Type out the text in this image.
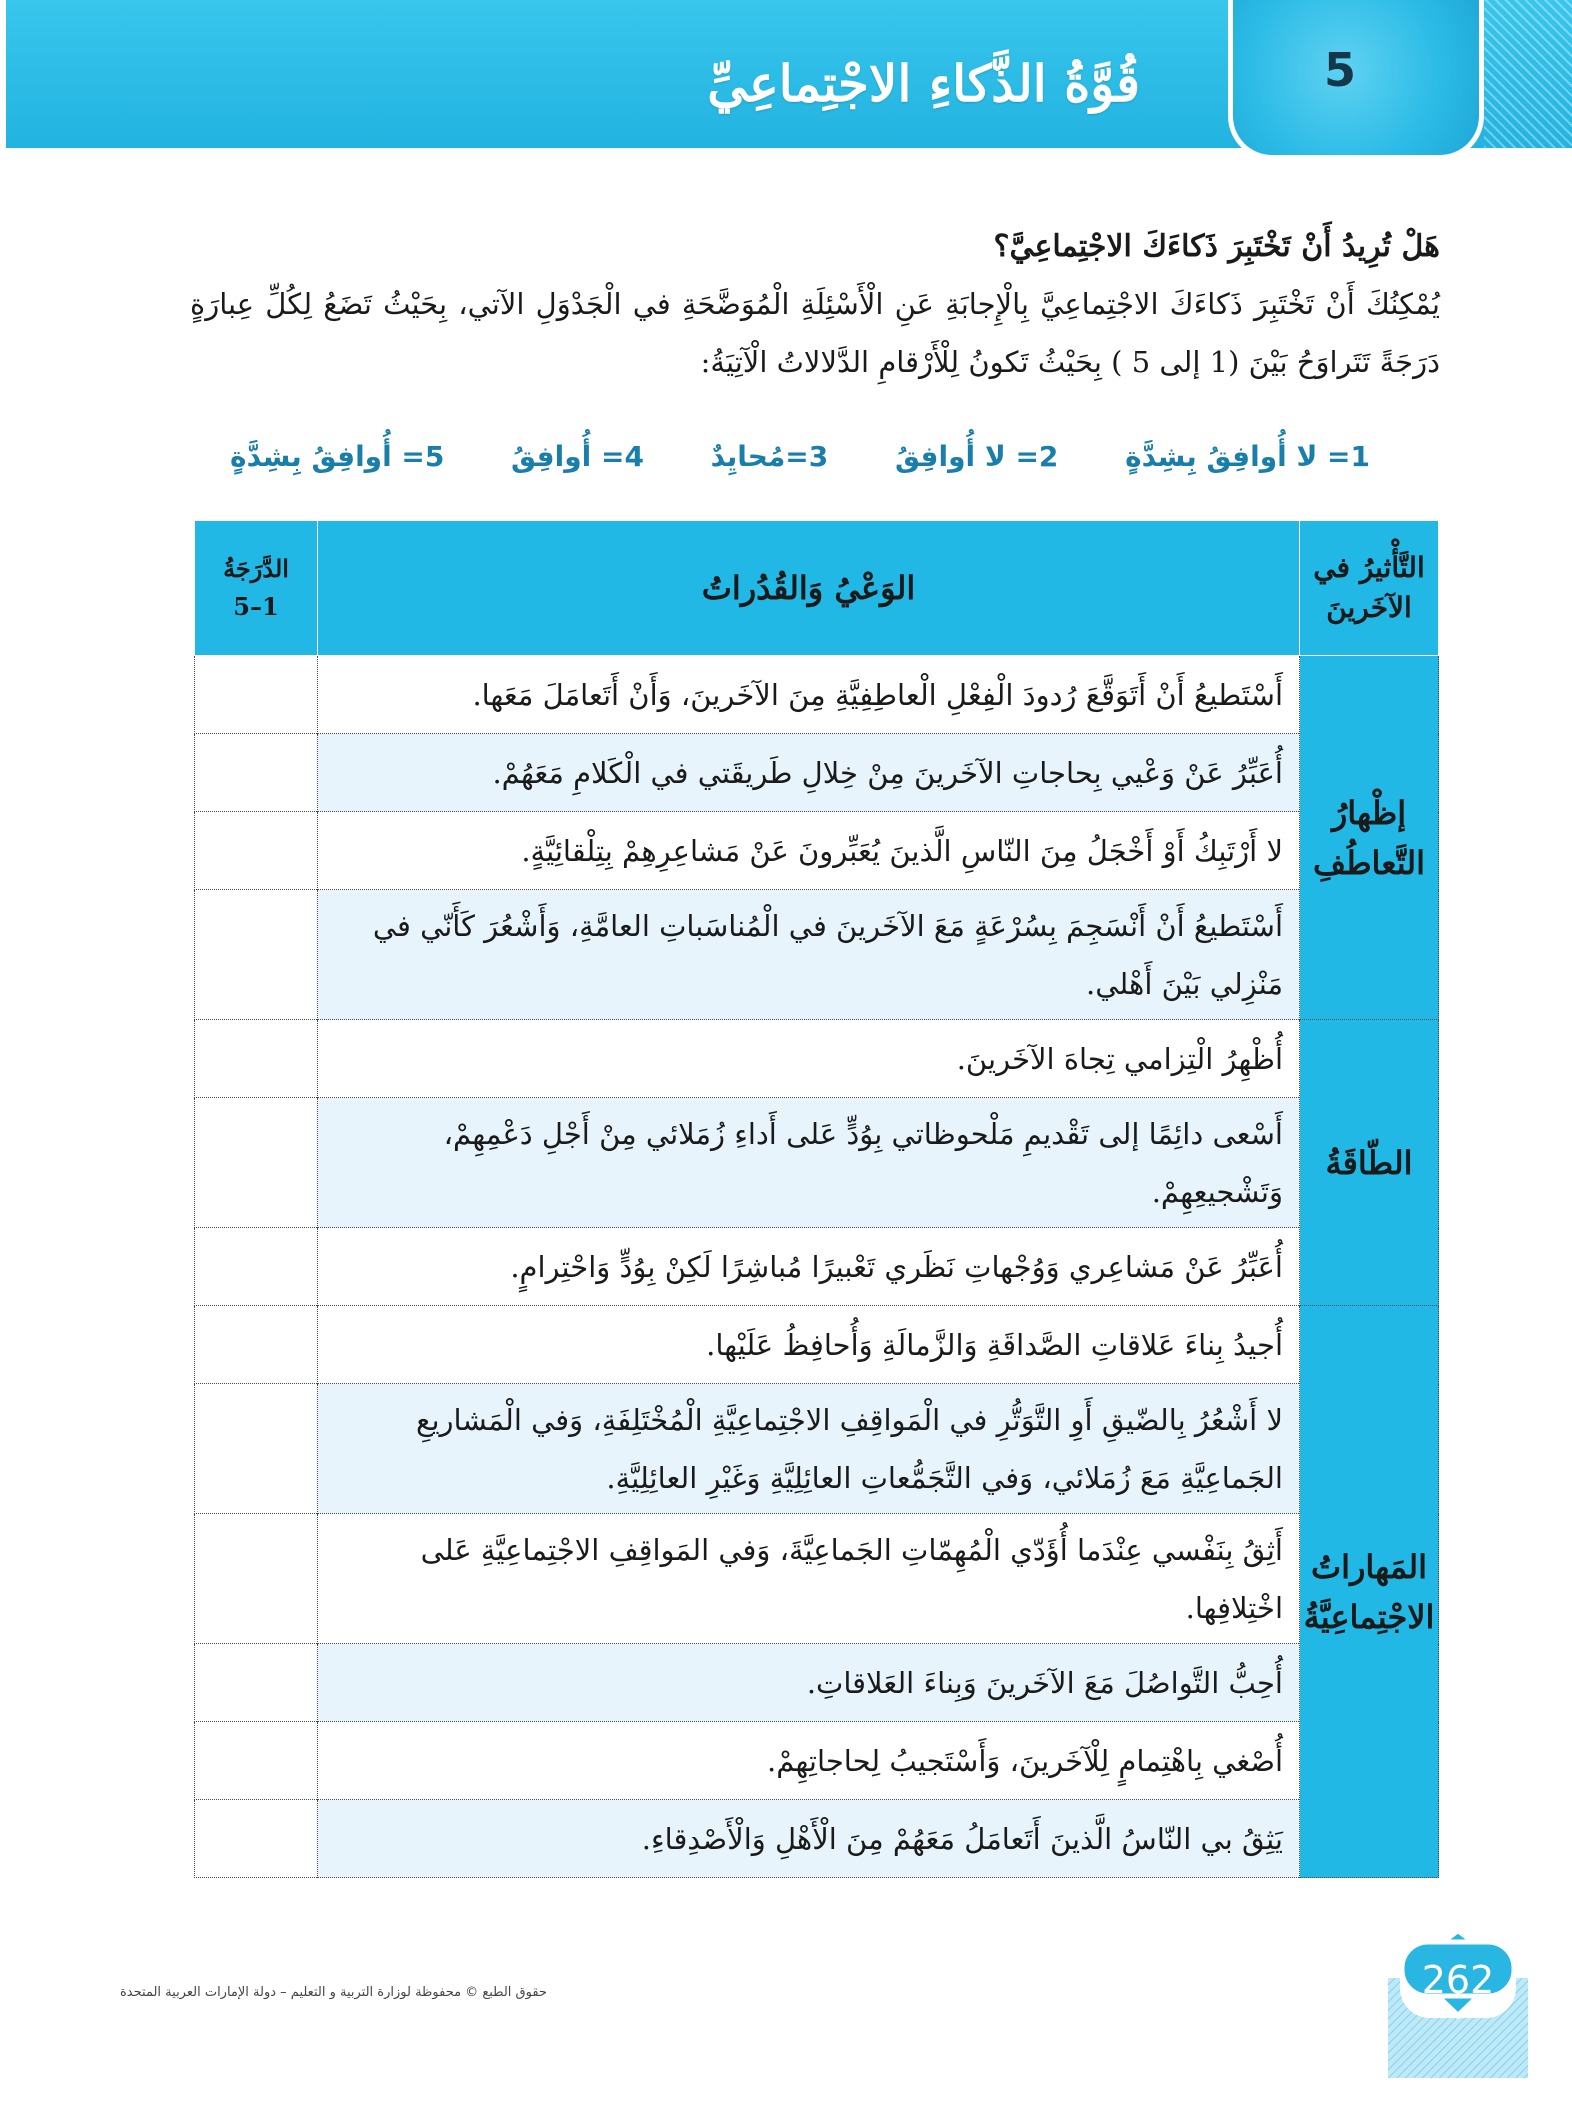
5
قُوَّةُ الذَّكاءِ الاجْتِماعِيِّ
هَلْ تُرِيدُ أَنْ تَخْتَبِرَ ذَكاءَكَ الاجْتِماعِيَّ؟
يُمْكِنُكَ أَنْ تَخْتَبِرَ ذَكاءَكَ الاجْتِماعِيَّ بِالْإِجابَةِ عَنِ الْأَسْئِلَةِ الْمُوَضَّحَةِ في الْجَدْوَلِ الآتي، بِحَيْثُ تَضَعُ لِكُلِّ عِبارَةٍ دَرَجَةً تَتَراوَحُ بَيْنَ (1 إلى 5 ) بِحَيْثُ تَكونُ لِلْأَرْقامِ الدَّلالاتُ الْآتِيَةُ:
1= لا أُوافِقُ بِشِدَّةٍ
2= لا أُوافِقُ
3=مُحايِدٌ
4= أُوافِقُ
5= أُوافِقُ بِشِدَّةٍ
التَّأْثيرُ في الآخَرينَ	الوَعْيُ وَالقُدُراتُ	الدَّرَجَةُ
5–1

إظْهارُ التَّعاطُفِ	أَسْتَطيعُ أَنْ أَتَوَقَّعَ رُدودَ الْفِعْلِ الْعاطِفِيَّةِ مِنَ الآخَرينَ، وَأَنْ أَتَعامَلَ مَعَها.	
	أُعَبِّرُ عَنْ وَعْيي بِحاجاتِ الآخَرينَ مِنْ خِلالِ طَريقَتي في الْكَلامِ مَعَهُمْ.	
	لا أَرْتَبِكُ أَوْ أَخْجَلُ مِنَ النّاسِ الَّذينَ يُعَبِّرونَ عَنْ مَشاعِرِهِمْ بِتِلْقائِيَّةٍ.	
	أَسْتَطيعُ أَنْ أَنْسَجِمَ بِسُرْعَةٍ مَعَ الآخَرينَ في الْمُناسَباتِ العامَّةِ، وَأَشْعُرَ كَأَنّي في مَنْزِلي بَيْنَ أَهْلي.	
الطّاقَةُ	أُظْهِرُ الْتِزامي تِجاهَ الآخَرينَ.	
	أَسْعى دائِمًا إلى تَقْديمِ مَلْحوظاتي بِوُدٍّ عَلى أَداءِ زُمَلائي مِنْ أَجْلِ دَعْمِهِمْ، وَتَشْجيعِهِمْ.	
	أُعَبِّرُ عَنْ مَشاعِري وَوُجْهاتِ نَظَري تَعْبيرًا مُباشِرًا لَكِنْ بِوُدٍّ وَاحْتِرامٍ.	
المَهاراتُ الاجْتِماعِيَّةُ	أُجيدُ بِناءَ عَلاقاتِ الصَّداقَةِ وَالزَّمالَةِ وَأُحافِظُ عَلَيْها.	
	لا أَشْعُرُ بِالضّيقِ أَوِ التَّوَتُّرِ في الْمَواقِفِ الاجْتِماعِيَّةِ الْمُخْتَلِفَةِ، وَفي الْمَشاريعِ الجَماعِيَّةِ مَعَ زُمَلائي، وَفي التَّجَمُّعاتِ العائِلِيَّةِ وَغَيْرِ العائِلِيَّةِ.	
	أَثِقُ بِنَفْسي عِنْدَما أُؤَدّي الْمُهِمّاتِ الجَماعِيَّةَ، وَفي المَواقِفِ الاجْتِماعِيَّةِ عَلى اخْتِلافِها.	
	أُحِبُّ التَّواصُلَ مَعَ الآخَرينَ وَبِناءَ العَلاقاتِ.	
	أُصْغي بِاهْتِمامٍ لِلْآخَرينَ، وَأَسْتَجيبُ لِحاجاتِهِمْ.	
	يَثِقُ بي النّاسُ الَّذينَ أَتَعامَلُ مَعَهُمْ مِنَ الْأَهْلِ وَالْأَصْدِقاءِ.	
حقوق الطبع © محفوظة لوزارة التربية و التعليم – دولة الإمارات العربية المتحدة	262
